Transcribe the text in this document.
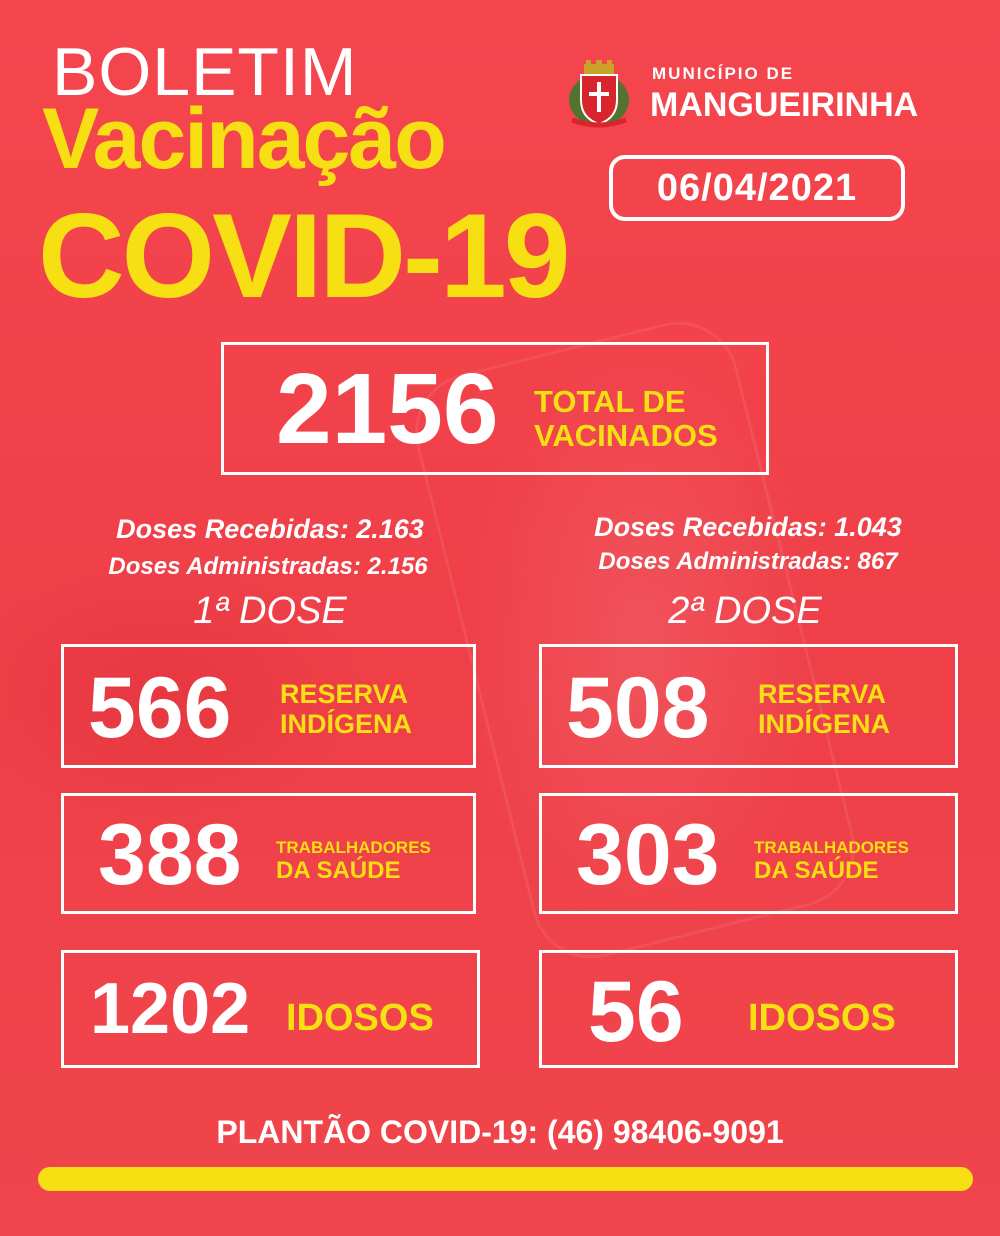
BOLETIM
Vacinação
COVID-19
MUNICÍPIO DE
MANGUEIRINHA
06/04/2021
2156 TOTAL DE
VACINADOS
Doses Recebidas: 2.163
Doses Administradas: 2.156
1ª DOSE
Doses Recebidas: 1.043
Doses Administradas: 867
2ª DOSE
566 RESERVA
INDÍGENA
388 TRABALHADORES
DA SAÚDE
1202 IDOSOS
508 RESERVA
INDÍGENA
303 TRABALHADORES
DA SAÚDE
56 IDOSOS
PLANTÃO COVID-19: (46) 98406-9091
